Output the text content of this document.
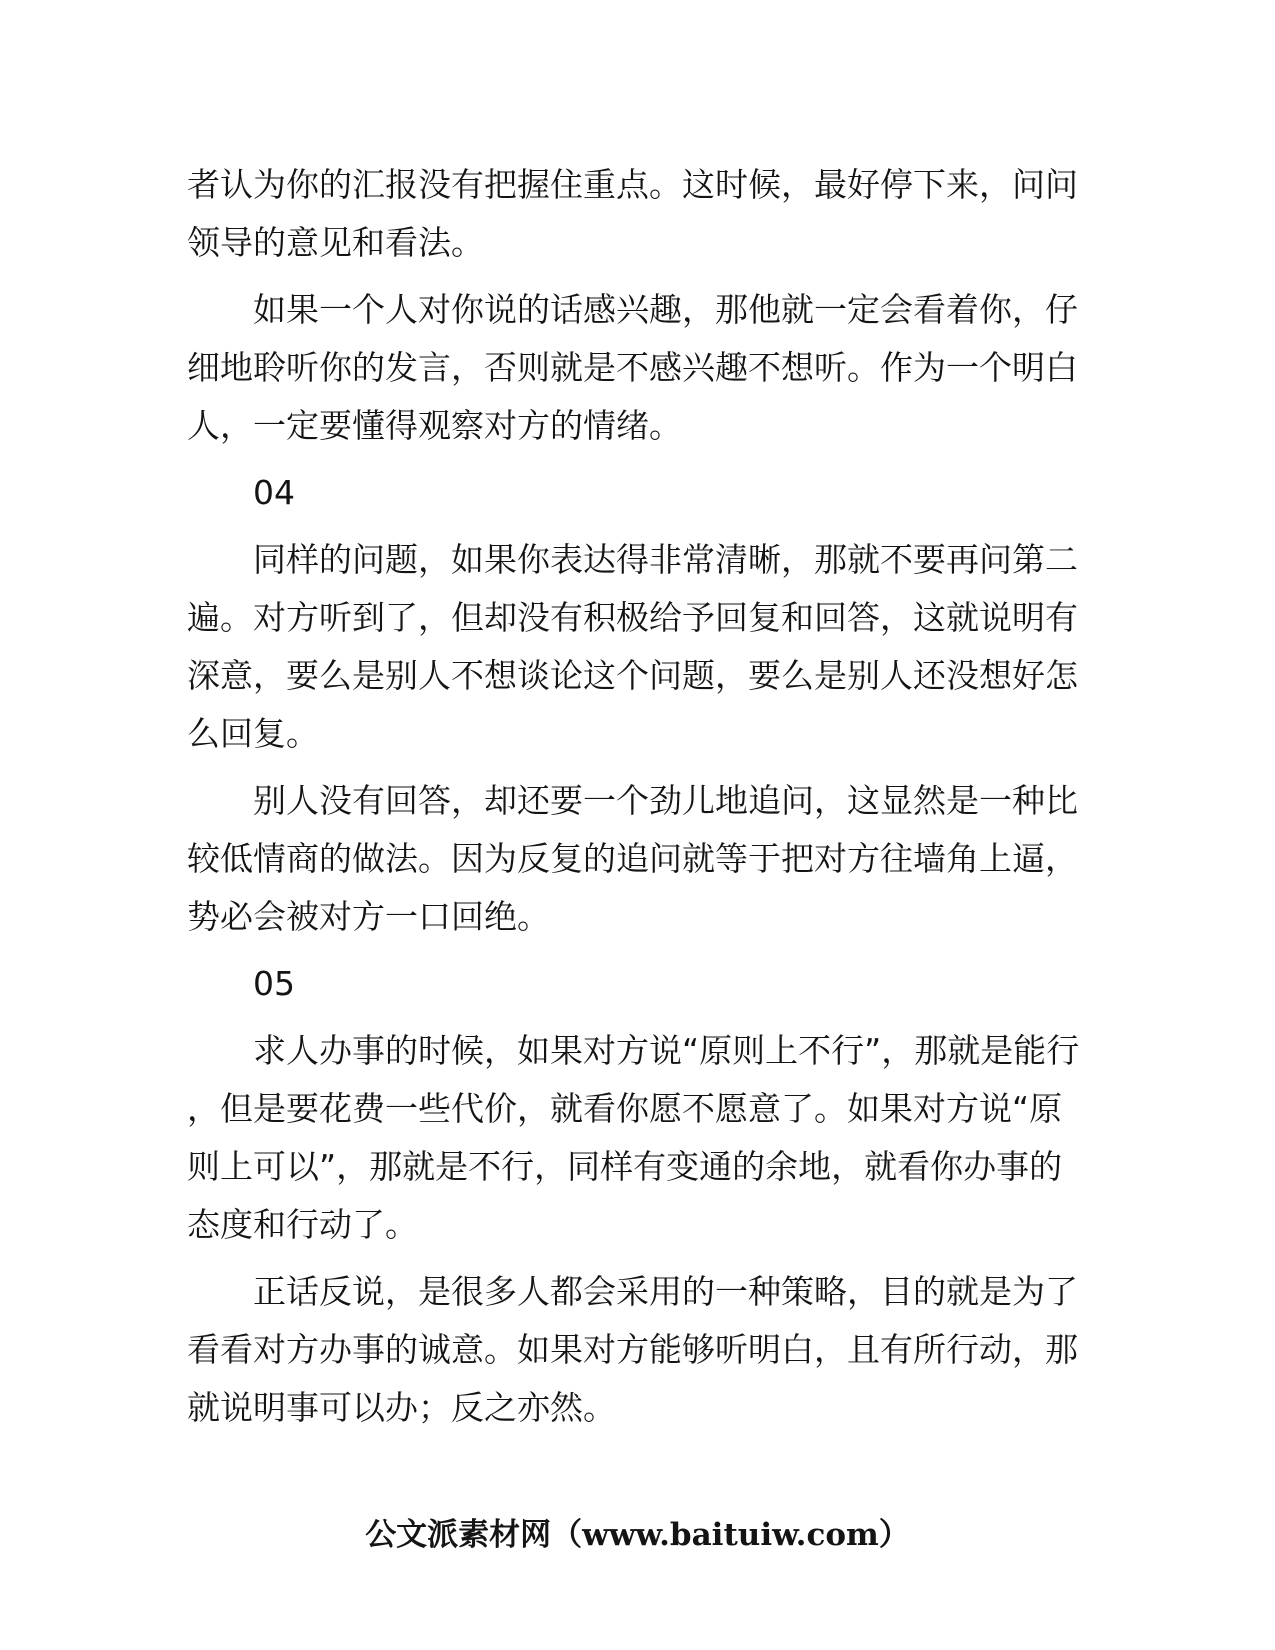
者认为你的汇报没有把握住重点。这时候，最好停下来，问问领导的意见和看法。

如果一个人对你说的话感兴趣，那他就一定会看着你，仔细地聆听你的发言，否则就是不感兴趣不想听。作为一个明白人，一定要懂得观察对方的情绪。

04

同样的问题，如果你表达得非常清晰，那就不要再问第二遍。对方听到了，但却没有积极给予回复和回答，这就说明有深意，要么是别人不想谈论这个问题，要么是别人还没想好怎么回复。

别人没有回答，却还要一个劲儿地追问，这显然是一种比较低情商的做法。因为反复的追问就等于把对方往墙角上逼，势必会被对方一口回绝。

05

求人办事的时候，如果对方说“原则上不行”，那就是能行，但是要花费一些代价，就看你愿不愿意了。如果对方说“原则上可以”，那就是不行，同样有变通的余地，就看你办事的态度和行动了。

正话反说，是很多人都会采用的一种策略，目的就是为了看看对方办事的诚意。如果对方能够听明白，且有所行动，那就说明事可以办；反之亦然。

公文派素材网（www.baituiw.com）
